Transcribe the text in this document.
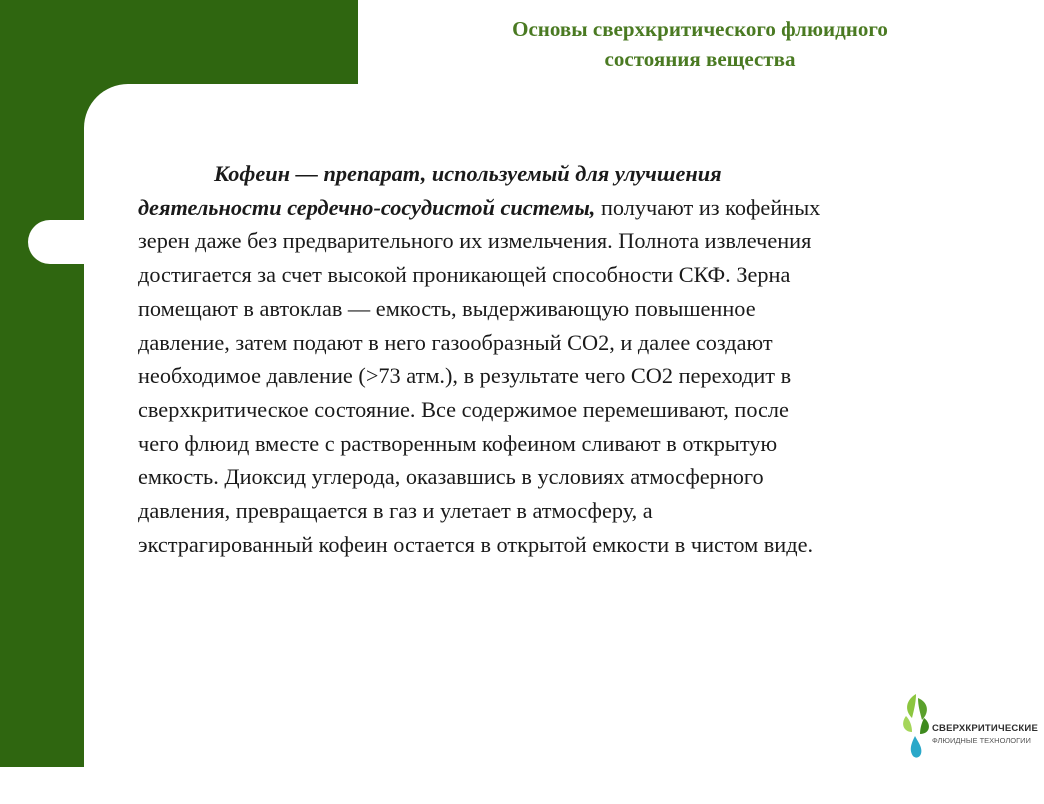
Основы сверхкритического флюидного
состояния вещества
Кофеин — препарат, используемый для улучшения
деятельности сердечно-сосудистой системы, получают из кофейных
зерен даже без предварительного их измельчения. Полнота извлечения
достигается за счет высокой проникающей способности СКФ. Зерна
помещают в автоклав — емкость, выдерживающую повышенное
давление, затем подают в него газообразный СО2, и далее создают
необходимое давление (>73 атм.), в результате чего СО2 переходит в
сверхкритическое состояние. Все содержимое перемешивают, после
чего флюид вместе с растворенным кофеином сливают в открытую
емкость. Диоксид углерода, оказавшись в условиях атмосферного
давления, превращается в газ и улетает в атмосферу, а
экстрагированный кофеин остается в открытой емкости в чистом виде.
СВЕРХКРИТИЧЕСКИЕ
ФЛЮИДНЫЕ ТЕХНОЛОГИИ
